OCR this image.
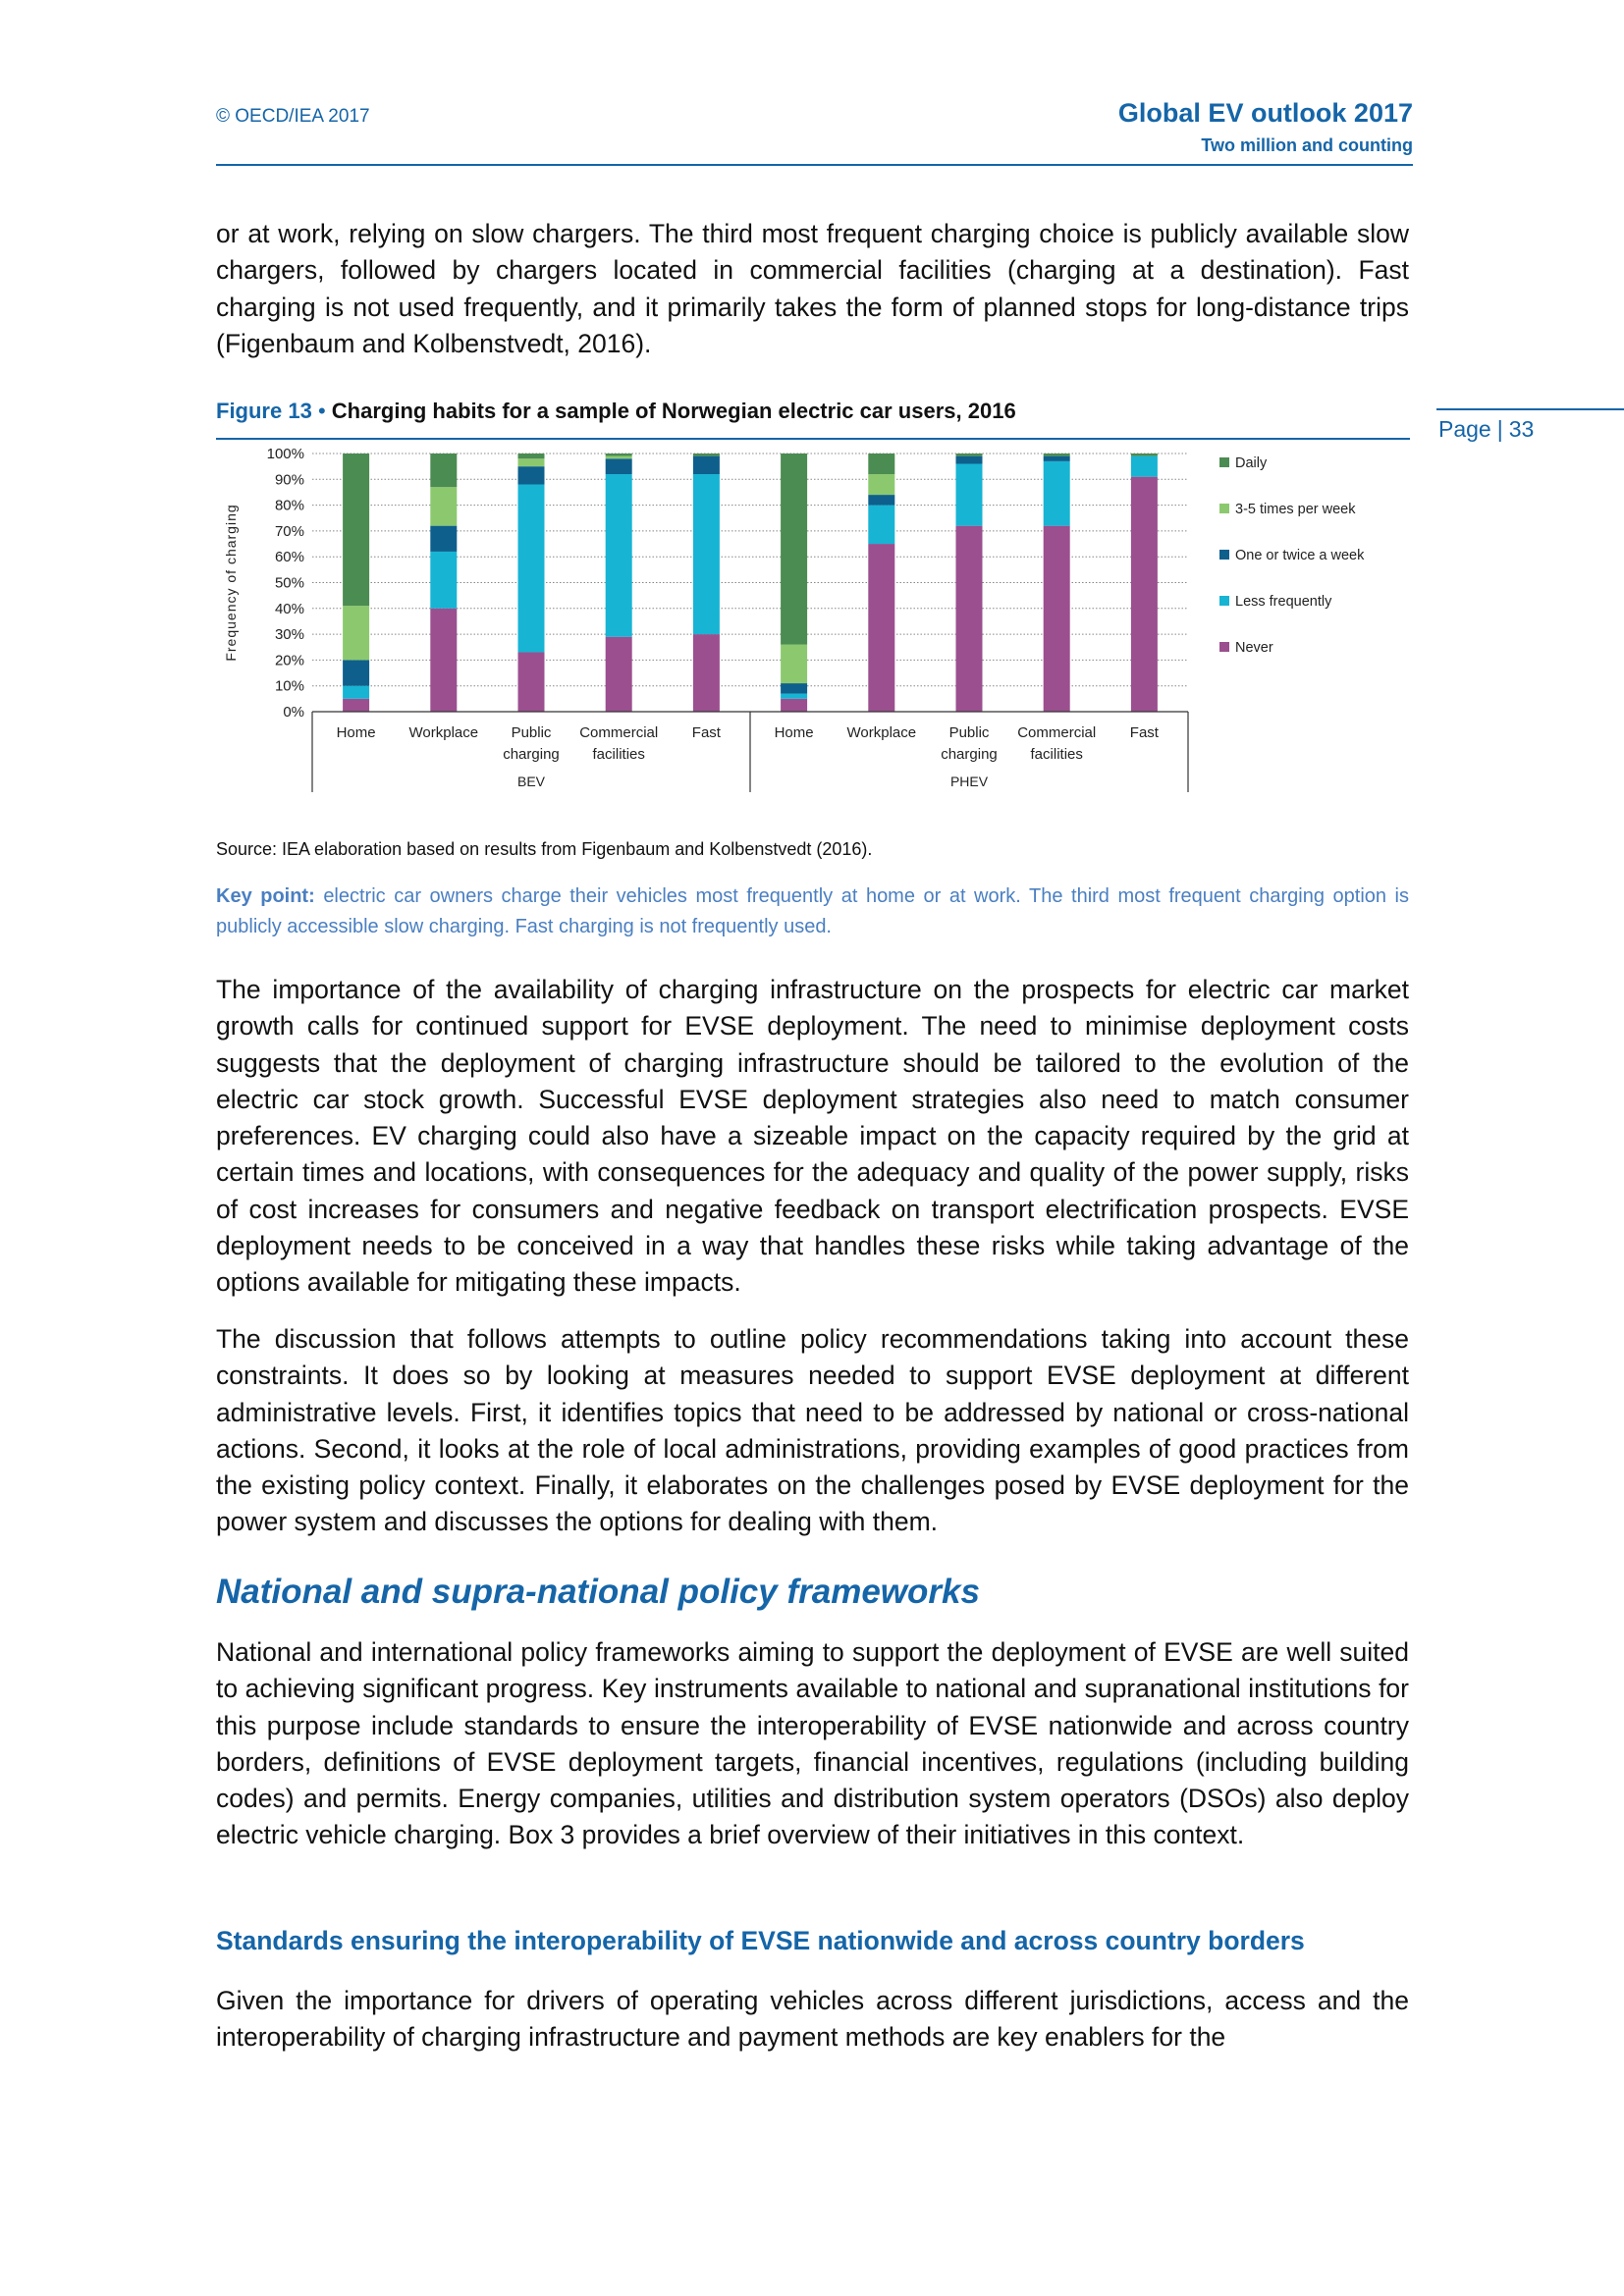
© OECD/IEA 2017	Global EV outlook 2017
Two million and counting
Page | 33

or at work, relying on slow chargers. The third most frequent charging choice is publicly available slow chargers, followed by chargers located in commercial facilities (charging at a destination). Fast charging is not used frequently, and it primarily takes the form of planned stops for long-distance trips (Figenbaum and Kolbenstvedt, 2016).

Figure 13 • Charging habits for a sample of Norwegian electric car users, 2016
0%
10%
20%
30%
40%
50%
60%
70%
80%
90%
100%
Frequency of charging
Home Workplace Public
charging
Commercial
facilities
Fast
BEV
Home Workplace Public
charging
Commercial
facilities
Fast
PHEV
Daily
3-5 times per week
One or twice a week
Less frequently
Never
Source: IEA elaboration based on results from Figenbaum and Kolbenstvedt (2016).

Key point: electric car owners charge their vehicles most frequently at home or at work. The third most frequent charging option is publicly accessible slow charging. Fast charging is not frequently used.

The importance of the availability of charging infrastructure on the prospects for electric car market growth calls for continued support for EVSE deployment. The need to minimise deployment costs suggests that the deployment of charging infrastructure should be tailored to the evolution of the electric car stock growth. Successful EVSE deployment strategies also need to match consumer preferences. EV charging could also have a sizeable impact on the capacity required by the grid at certain times and locations, with consequences for the adequacy and quality of the power supply, risks of cost increases for consumers and negative feedback on transport electrification prospects. EVSE deployment needs to be conceived in a way that handles these risks while taking advantage of the options available for mitigating these impacts.

The discussion that follows attempts to outline policy recommendations taking into account these constraints. It does so by looking at measures needed to support EVSE deployment at different administrative levels. First, it identifies topics that need to be addressed by national or cross-national actions. Second, it looks at the role of local administrations, providing examples of good practices from the existing policy context. Finally, it elaborates on the challenges posed by EVSE deployment for the power system and discusses the options for dealing with them.

National and supra-national policy frameworks

National and international policy frameworks aiming to support the deployment of EVSE are well suited to achieving significant progress. Key instruments available to national and supranational institutions for this purpose include standards to ensure the interoperability of EVSE nationwide and across country borders, definitions of EVSE deployment targets, financial incentives, regulations (including building codes) and permits. Energy companies, utilities and distribution system operators (DSOs) also deploy electric vehicle charging. Box 3 provides a brief overview of their initiatives in this context.

Standards ensuring the interoperability of EVSE nationwide and across country borders

Given the importance for drivers of operating vehicles across different jurisdictions, access and the interoperability of charging infrastructure and payment methods are key enablers for the
